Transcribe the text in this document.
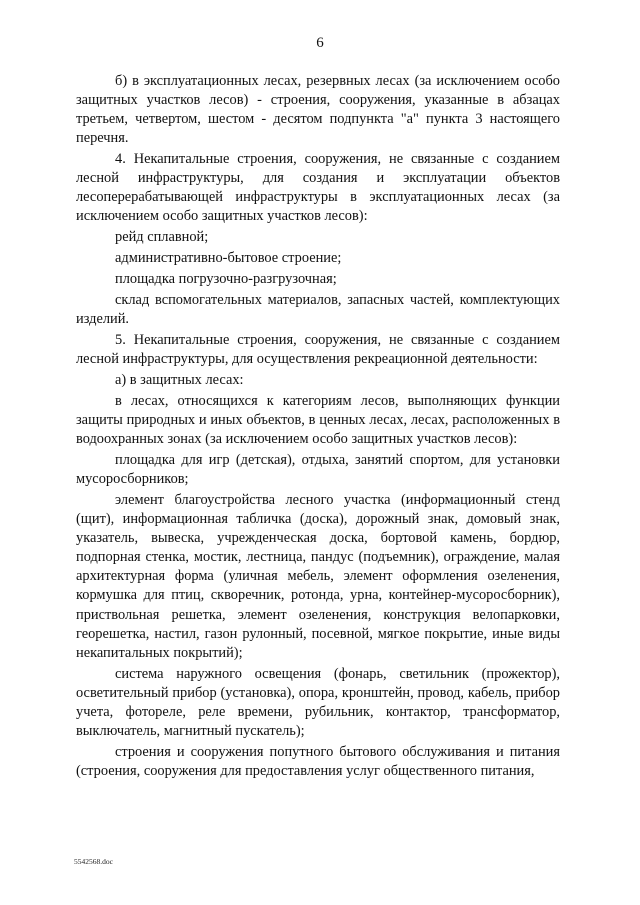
6

б) в эксплуатационных лесах, резервных лесах (за исключением особо защитных участков лесов) - строения, сооружения, указанные в абзацах третьем, четвертом, шестом - десятом подпункта "а" пункта 3 настоящего перечня.

4. Некапитальные строения, сооружения, не связанные с созданием лесной инфраструктуры, для создания и эксплуатации объектов лесоперерабатывающей инфраструктуры в эксплуатационных лесах (за исключением особо защитных участков лесов):

рейд сплавной;

административно-бытовое строение;

площадка погрузочно-разгрузочная;

склад вспомогательных материалов, запасных частей, комплектующих изделий.

5. Некапитальные строения, сооружения, не связанные с созданием лесной инфраструктуры, для осуществления рекреационной деятельности:

а) в защитных лесах:

в лесах, относящихся к категориям лесов, выполняющих функции защиты природных и иных объектов, в ценных лесах, лесах, расположенных в водоохранных зонах (за исключением особо защитных участков лесов):

площадка для игр (детская), отдыха, занятий спортом, для установки мусоросборников;

элемент благоустройства лесного участка (информационный стенд (щит), информационная табличка (доска), дорожный знак, домовый знак, указатель, вывеска, учрежденческая доска, бортовой камень, бордюр, подпорная стенка, мостик, лестница, пандус (подъемник), ограждение, малая архитектурная форма (уличная мебель, элемент оформления озеленения, кормушка для птиц, скворечник, ротонда, урна, контейнер-мусоросборник), приствольная решетка, элемент озеленения, конструкция велопарковки, георешетка, настил, газон рулонный, посевной, мягкое покрытие, иные виды некапитальных покрытий);

система наружного освещения (фонарь, светильник (прожектор), осветительный прибор (установка), опора, кронштейн, провод, кабель, прибор учета, фотореле, реле времени, рубильник, контактор, трансформатор, выключатель, магнитный пускатель);

строения и сооружения попутного бытового обслуживания и питания (строения, сооружения для предоставления услуг общественного питания,

5542568.doc
